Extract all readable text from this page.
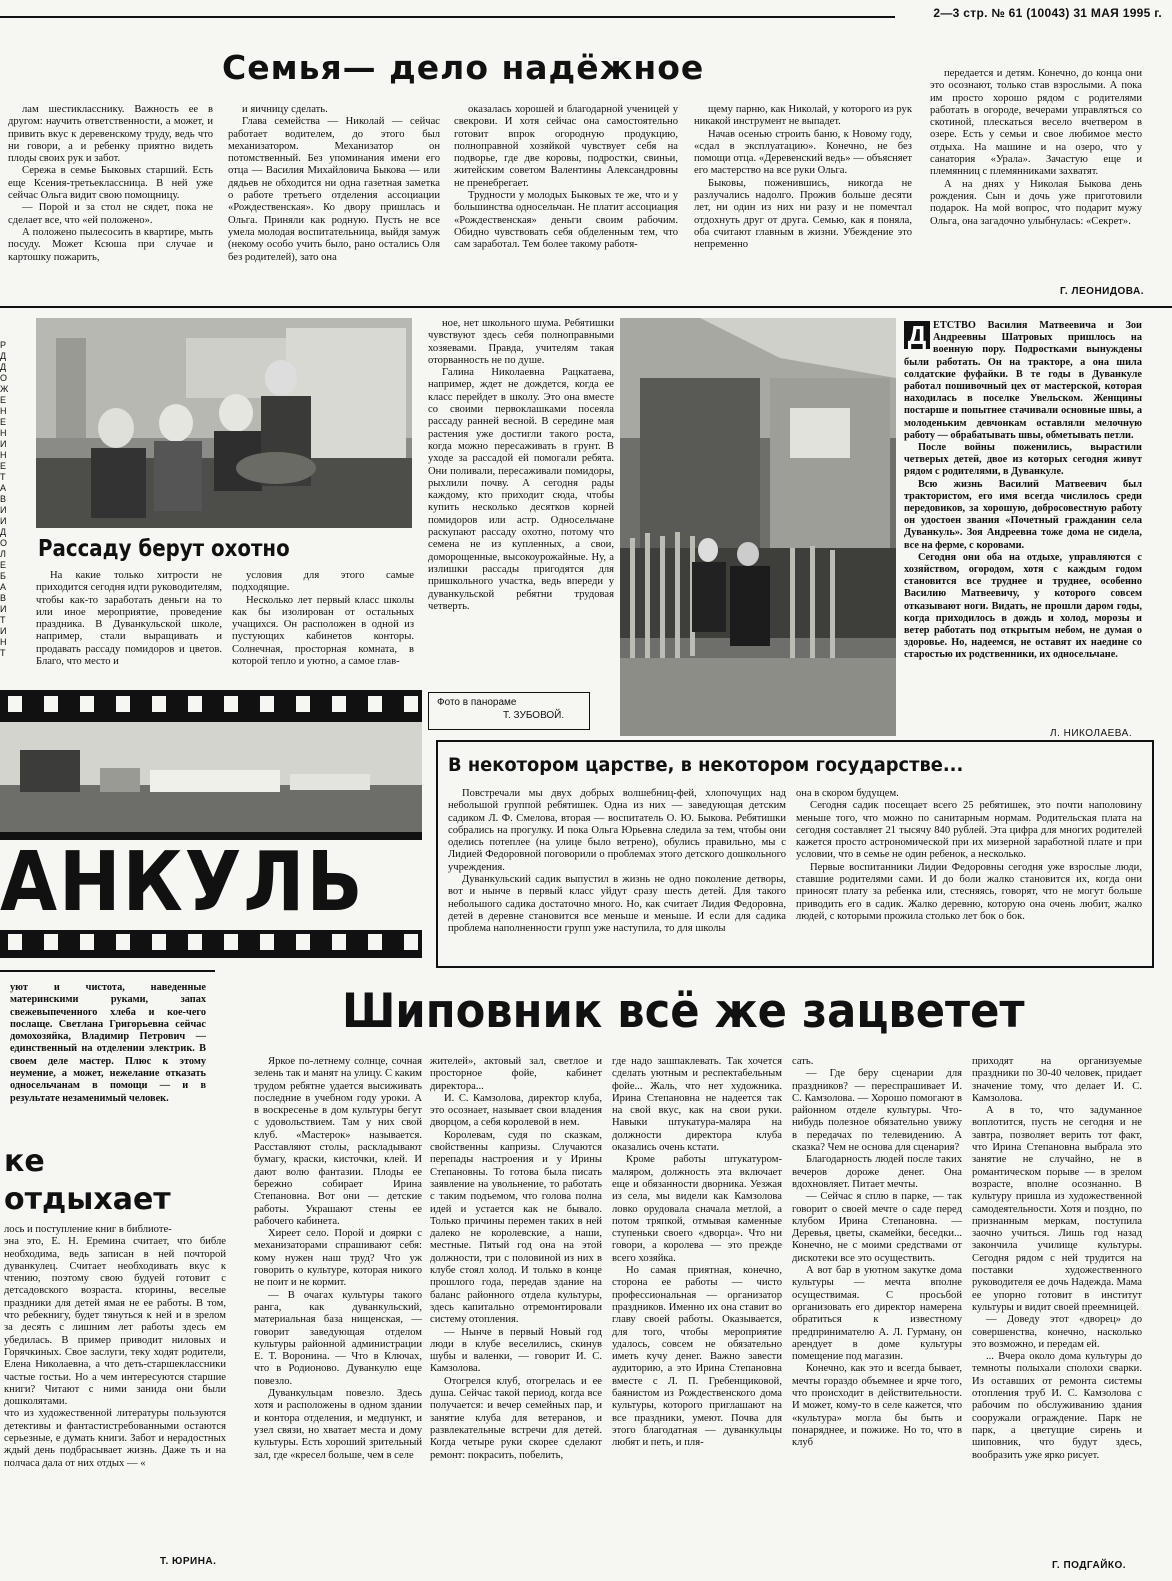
2—3 стр. № 61 (10043) 31 МАЯ 1995 г.
Семья— дело надёжное

лам шестикласснику. Важность ее в другом: научить ответственности, а может, и привить вкус к деревенскому труду, ведь что ни говори, а и ребенку приятно видеть плоды своих рук и забот.

Сережа в семье Быковых старший. Есть еще Ксения-третьеклассница. В ней уже сейчас Ольга видит свою помощницу.

— Порой и за стол не сядет, пока не сделает все, что «ей положено».

А положено пылесосить в квартире, мыть посуду. Может Ксюша при случае и картошку пожарить,

и яичницу сделать.

Глава семейства — Николай — сейчас работает водителем, до этого был механизатором. Механизатор он потомственный. Без упоминания имени его отца — Василия Михайловича Быкова — или дядьев не обходится ни одна газетная заметка о работе третьего отделения ассоциации «Рождественская». Ко двору пришлась и Ольга. Приняли как родную. Пусть не все умела молодая воспитательница, выйдя замуж (некому особо учить было, рано остались Оля без родителей), зато она

оказалась хорошей и благодарной ученицей у свекрови. И хотя сейчас она самостоятельно готовит впрок огородную продукцию, полноправной хозяйкой чувствует себя на подворье, где две коровы, подростки, свиньи, житейским советом Валентины Александровны не пренебрегает.

Трудности у молодых Быковых те же, что и у большинства односельчан. Не платит ассоциация «Рождественская» деньги своим рабочим. Обидно чувствовать себя обделенным тем, что сам заработал. Тем более такому работя-

щему парню, как Николай, у которого из рук никакой инструмент не выпадет.

Начав осенью строить баню, к Новому году, «сдал в эксплуатацию». Конечно, не без помощи отца. «Деревенский ведь» — объясняет его мастерство на все руки Ольга.

Быковы, поженившись, никогда не разлучались надолго. Прожив больше десяти лет, ни один из них ни разу и не помечтал отдохнуть друг от друга. Семью, как я поняла, оба считают главным в жизни. Убеждение это непременно

передается и детям. Конечно, до конца они это осознают, только став взрослыми. А пока им просто хорошо рядом с родителями работать в огороде, вечерами управляться со скотиной, плескаться весело вчетвером в озере. Есть у семьи и свое любимое место отдыха. На машине и на озеро, что у санатория «Урала». Зачастую еще и племянниц с племянниками захватят.

А на днях у Николая Быкова день рождения. Сын и дочь уже приготовили подарок. На мой вопрос, что подарит мужу Ольга, она загадочно улыбнулась: «Секрет».

Г. ЛЕОНИДОВА.
Рассаду берут охотно

На какие только хитрости не приходится сегодня идти руководителям, чтобы как-то заработать деньги на то или иное мероприятие, проведение праздника. В Дуванкульской школе, например, стали выращивать и продавать рассаду помидоров и цветов. Благо, что место и

условия для этого самые подходящие.

Несколько лет первый класс школы как бы изолирован от остальных учащихся. Он расположен в одной из пустующих кабинетов конторы. Солнечная, просторная комната, в которой тепло и уютно, а самое глав-

ное, нет школьного шума. Ребятишки чувствуют здесь себя полноправными хозяевами. Правда, учителям такая оторванность не по душе.

Галина Николаевна Рацкатаева, например, ждет не дождется, когда ее класс перейдет в школу. Это она вместе со своими первоклашками посеяла рассаду ранней весной. В середине мая растения уже достигли такого роста, когда можно пересаживать в грунт. В уходе за рассадой ей помогали ребята. Они поливали, пересаживали помидоры, рыхлили почву. А сегодня рады каждому, кто приходит сюда, чтобы купить несколько десятков корней помидоров или астр. Односельчане раскупают рассаду охотно, потому что семена не из купленных, а свои, доморощенные, высокоурожайные. Ну, а излишки рассады пригодятся для пришкольного участка, ведь впереди у дуванкульской ребятни трудовая четверть.

Фото в панораме
Т. ЗУБОВОЙ.

Д ЕТСТВО Василия Матвеевича и Зои Андреевны Шатровых пришлось на военную пору. Подростками вынуждены были работать. Он на тракторе, а она шила солдатские фуфайки. В те годы в Дуванкуле работал пошивочный цех от мастерской, которая находилась в поселке Увельском. Женщины постарше и попытнее стачивали основные швы, а молоденьким девчонкам оставляли мелочную работу — обрабатывать швы, обметывать петли.

После войны поженились, вырастили четверых детей, двое из которых сегодня живут рядом с родителями, в Дуванкуле.

Всю жизнь Василий Матвеевич был трактористом, его имя всегда числилось среди передовиков, за хорошую, добросовестную работу он удостоен звания «Почетный гражданин села Дуванкуль». Зоя Андреевна тоже дома не сидела, все на ферме, с коровами.

Сегодня они оба на отдыхе, управляются с хозяйством, огородом, хотя с каждым годом становится все труднее и труднее, особенно Василию Матвеевичу, у которого совсем отказывают ноги. Видать, не прошли даром годы, когда приходилось в дождь и холод, морозы и ветер работать под открытым небом, не думая о здоровье. Но, надеемся, не оставят их наедине со старостью их родственники, их односельчане.

Л. НИКОЛАЕВА.
Р Д Д О Ж Е Н Е Н И Н Е Т А В И И Д О Л Е Б А В И Т И Н Т
АНКУЛЬ
В некотором царстве, в некотором государстве...

Повстречали мы двух добрых волшебниц-фей, хлопочущих над небольшой группой ребятишек. Одна из них — заведующая детским садиком Л. Ф. Смелова, вторая — воспитатель О. Ю. Быкова. Ребятишки собрались на прогулку. И пока Ольга Юрьевна следила за тем, чтобы они оделись потеплее (на улице было ветрено), обулись правильно, мы с Лидией Федоровной поговорили о проблемах этого детского дошкольного учреждения.

Дуванкульский садик выпустил в жизнь не одно поколение детворы, вот и нынче в первый класс уйдут сразу шесть детей. Для такого небольшого садика достаточно много. Но, как считает Лидия Федоровна, детей в деревне становится все меньше и меньше. И если для садика проблема наполненности групп уже наступила, то для школы

она в скором будущем.

Сегодня садик посещает всего 25 ребятишек, это почти наполовину меньше того, что можно по санитарным нормам. Родительская плата на сегодня составляет 21 тысячу 840 рублей. Эта цифра для многих родителей кажется просто астрономической при их мизерной заработной плате и при условии, что в семье не один ребенок, а несколько.

Первые воспитанники Лидии Федоровны сегодня уже взрослые люди, ставшие родителями сами. И до боли жалко становится их, когда они приносят плату за ребенка или, стесняясь, говорят, что не могут больше приводить его в садик. Жалко деревню, которую она очень любит, жалко людей, с которыми прожила столько лет бок о бок.

уют и чистота, наведенные материнскими руками, запах свежевыпеченного хлеба и кое-чего послаще. Светлана Григорьевна сейчас домохозяйка, Владимир Петрович — единственный на отделении электрик. В своем деле мастер. Плюс к этому неумение, а может, нежелание отказать односельчанам в помощи — и в результате незаменимый человек.

ке
отдыхает

лось и поступление книг в библиоте-

эна это, Е. Н. Еремина считает, что библе необходима, ведь записан в ней почторой дуванкулец. Считает необходивать вкус к чтению, поэтому свою будуей готовит с детсадовского возраста. кторины, веселые праздники для детей ямая не ее работы. В том, что ребекнигу, будет тянуться к ней и в зрелом за десять с лишним лет работы здесь ем убедилась. В пример приводит ниловых и Горячкиных. Свое заслуги, теку ходят родители, Елена Николаевна, а что деть-старшеклассники частые гостьи. Но а чем интересуются старшие книги? Читают с ними занида они были дошколятами.

что из художественной литературы пользуются детективы и фантастистребованными остаются серьезные, е думать книги. Забот и нерадостных ждый день подбрасывает жизнь. Даже ть и на полчаса дала от них отдых — «

Т. ЮРИНА.
Шиповник всё же зацветет

Яркое по-летнему солнце, сочная зелень так и манят на улицу. С каким трудом ребятне удается высиживать последние в учебном году уроки. А в воскресенье в дом культуры бегут с удовольствием. Там у них свой клуб. «Мастерок» называется. Расставляют столы, раскладывают бумагу, краски, кисточки, клей. И дают волю фантазии. Плоды ее бережно собирает Ирина Степановна. Вот они — детские работы. Украшают стены ее рабочего кабинета.

Хиреет село. Порой и доярки с механизаторами спрашивают себя: кому нужен наш труд? Что уж говорить о культуре, которая никого не поит и не кормит.

— В очагах культуры такого ранга, как дуванкульский, материальная база нищенская, — говорит заведующая отделом культуры районной администрации Е. Т. Воронина. — Что в Ключах, что в Родионово. Дуванкулю еще повезло.

Дуванкульцам повезло. Здесь хотя и расположены в одном здании и контора отделения, и медпункт, и узел связи, но хватает места и дому культуры. Есть хороший зрительный зал, где «кресел больше, чем в селе

жителей», актовый зал, светлое и просторное фойе, кабинет директора...

И. С. Камзолова, директор клуба, это осознает, называет свои владения дворцом, а себя королевой в нем.

Королевам, судя по сказкам, свойственны капризы. Случаются перепады настроения и у Ирины Степановны. То готова была писать заявление на увольнение, то работать с таким подъемом, что голова полна идей и устается как не бывало. Только причины перемен таких в ней далеко не королевские, а наши, местные. Пятый год она на этой должности, три с половиной из них в клубе стоял холод. И только в конце прошлого года, передав здание на баланс районного отдела культуры, здесь капитально отремонтировали систему отопления.

— Нынче в первый Новый год люди в клубе веселились, скинув шубы и валенки, — говорит И. С. Камзолова.

Отогрелся клуб, отогрелась и ее душа. Сейчас такой период, когда все получается: и вечер семейных пар, и занятие клуба для ветеранов, и развлекательные встречи для детей. Когда четыре руки скорее сделают ремонт: покрасить, побелить,

где надо зашпаклевать. Так хочется сделать уютным и респектабельным фойе... Жаль, что нет художника. Ирина Степановна не надеется так на свой вкус, как на свои руки. Навыки штукатура-маляра на должности директора клуба оказались очень кстати.

Кроме работы штукатуром-маляром, должность эта включает еще и обязанности дворника. Уезжая из села, мы видели как Камзолова ловко орудовала сначала метлой, а потом тряпкой, отмывая каменные ступеньки своего «дворца». Что ни говори, а королева — это прежде всего хозяйка.

Но самая приятная, конечно, сторона ее работы — чисто профессиональная — организатор праздников. Именно их она ставит во главу своей работы. Оказывается, для того, чтобы мероприятие удалось, совсем не обязательно иметь кучу денег. Важно завести аудиторию, а это Ирина Степановна вместе с Л. П. Гребенщиковой, баянистом из Рождественского дома культуры, которого приглашают на все праздники, умеют. Почва для этого благодатная — дуванкульцы любят и петь, и пля-

сать.

— Где беру сценарии для праздников? — переспрашивает И. С. Камзолова. — Хорошо помогают в районном отделе культуры. Что-нибудь полезное обязательно увижу в передачах по телевидению. А сказка? Чем не основа для сценария?

Благодарность людей после таких вечеров дороже денег. Она вдохновляет. Питает мечты.

— Сейчас я сплю в парке, — так говорит о своей мечте о саде перед клубом Ирина Степановна. — Деревья, цветы, скамейки, беседки... Конечно, не с моими средствами от дискотеки все это осуществить.

А вот бар в уютном закутке дома культуры — мечта вполне осуществимая. С просьбой организовать его директор намерена обратиться к известному предпринимателю А. Л. Гурману, он арендует в доме культуры помещение под магазин.

Конечно, как это и всегда бывает, мечты гораздо объемнее и ярче того, что происходит в действительности. И может, кому-то в селе кажется, что «культура» могла бы быть и понаряднее, и пожиже. Но то, что в клуб

приходят на организуемые праздники по 30-40 человек, придает значение тому, что делает И. С. Камзолова.

А в то, что задуманное воплотится, пусть не сегодня и не завтра, позволяет верить тот факт, что Ирина Степановна выбрала это занятие не случайно, не в романтическом порыве — в зрелом возрасте, вполне осознанно. В культуру пришла из художественной самодеятельности. Хотя и поздно, по признанным меркам, поступила заочно учиться. Лишь год назад закончила училище культуры. Сегодня рядом с ней трудится на поставки художественного руководителя ее дочь Надежда. Мама ее упорно готовит в институт культуры и видит своей преемницей.

— Доведу этот «дворец» до совершенства, конечно, насколько это возможно, и передам ей.

... Вчера около дома культуры до темноты полыхали сполохи сварки. Из оставших от ремонта системы отопления труб И. С. Камзолова с рабочим по обслуживанию здания сооружали ограждение. Парк не парк, а цветущие сирень и шиповник, что будут здесь, вообразить уже ярко рисует.

Г. ПОДГАЙКО.
